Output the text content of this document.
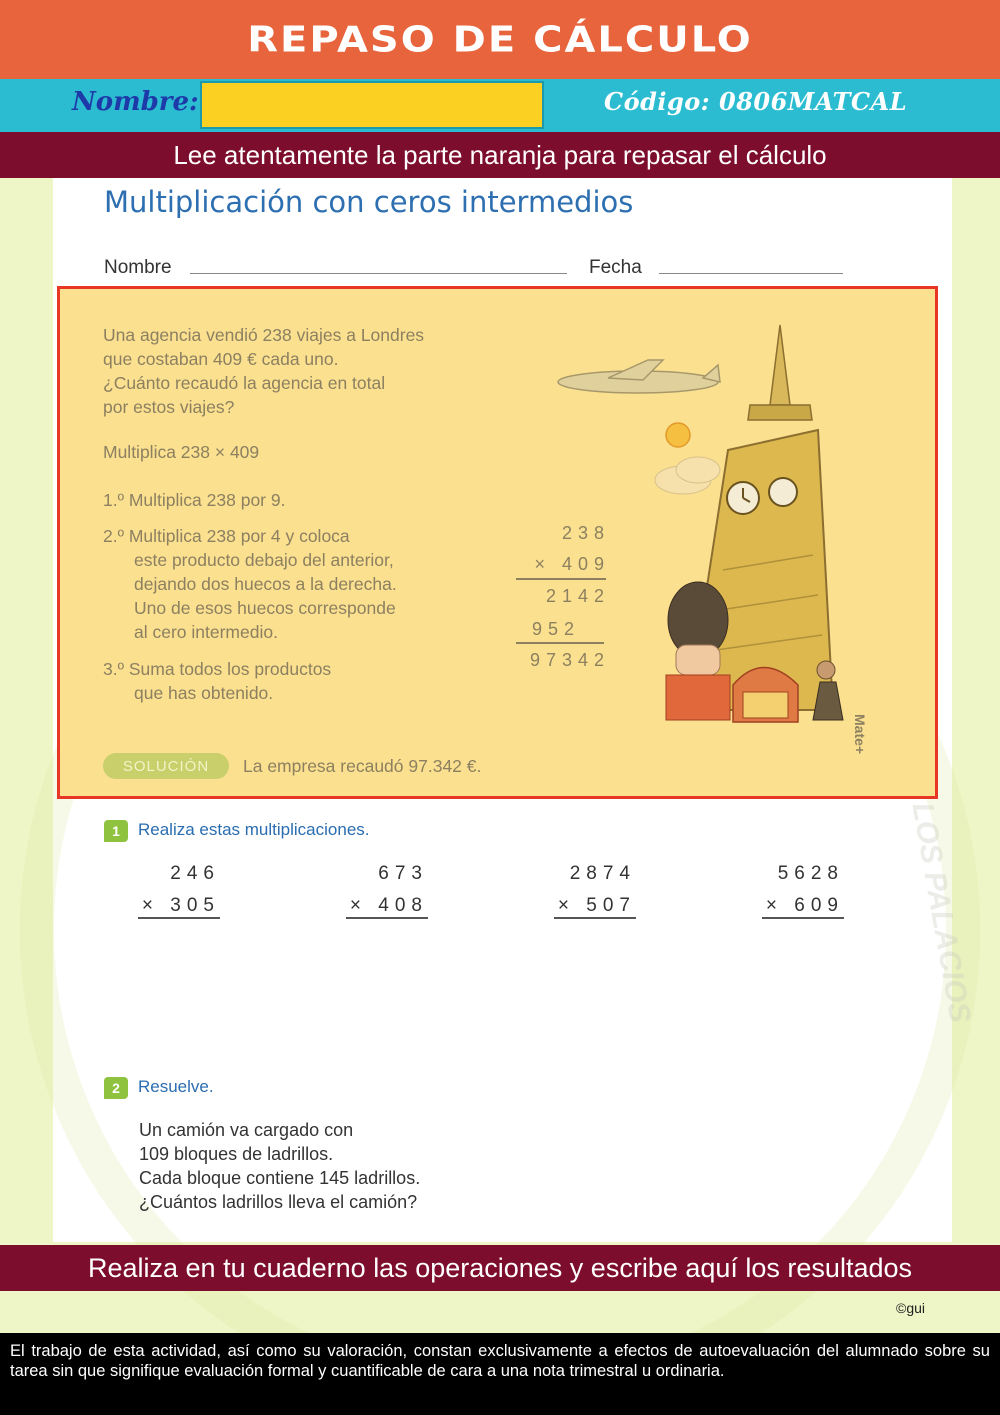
REPASO DE CÁLCULO
Nombre:	Código: 0806MATCAL
Lee atentamente la parte naranja para repasar el cálculo
LOS PALACIOS
Multiplicación con ceros intermedios
Nombre	Fecha
Una agencia vendió 238 viajes a Londres
que costaban 409 € cada uno.
¿Cuánto recaudó la agencia en total
por estos viajes?
Multiplica 238 × 409
1.º Multiplica 238 por 9.
2.º Multiplica 238 por 4 y coloca
este producto debajo del anterior,
dejando dos huecos a la derecha.
Uno de esos huecos corresponde
al cero intermedio.
3.º Suma todos los productos
que has obtenido.
238
× 409
2142
952
97342
SOLUCIÓN	La empresa recaudó 97.342 €.
Mate+
1	Realiza estas multiplicaciones.
246
× 305
673
× 408
2874
× 507
5628
× 609
2	Resuelve.
Un camión va cargado con
109 bloques de ladrillos.
Cada bloque contiene 145 ladrillos.
¿Cuántos ladrillos lleva el camión?
Realiza en tu cuaderno las operaciones y escribe aquí los resultados
©gui
El trabajo de esta actividad, así como su valoración, constan exclusivamente a efectos de autoevaluación del alumnado sobre su tarea sin que signifique evaluación formal y cuantificable de cara a una nota trimestral u ordinaria.
